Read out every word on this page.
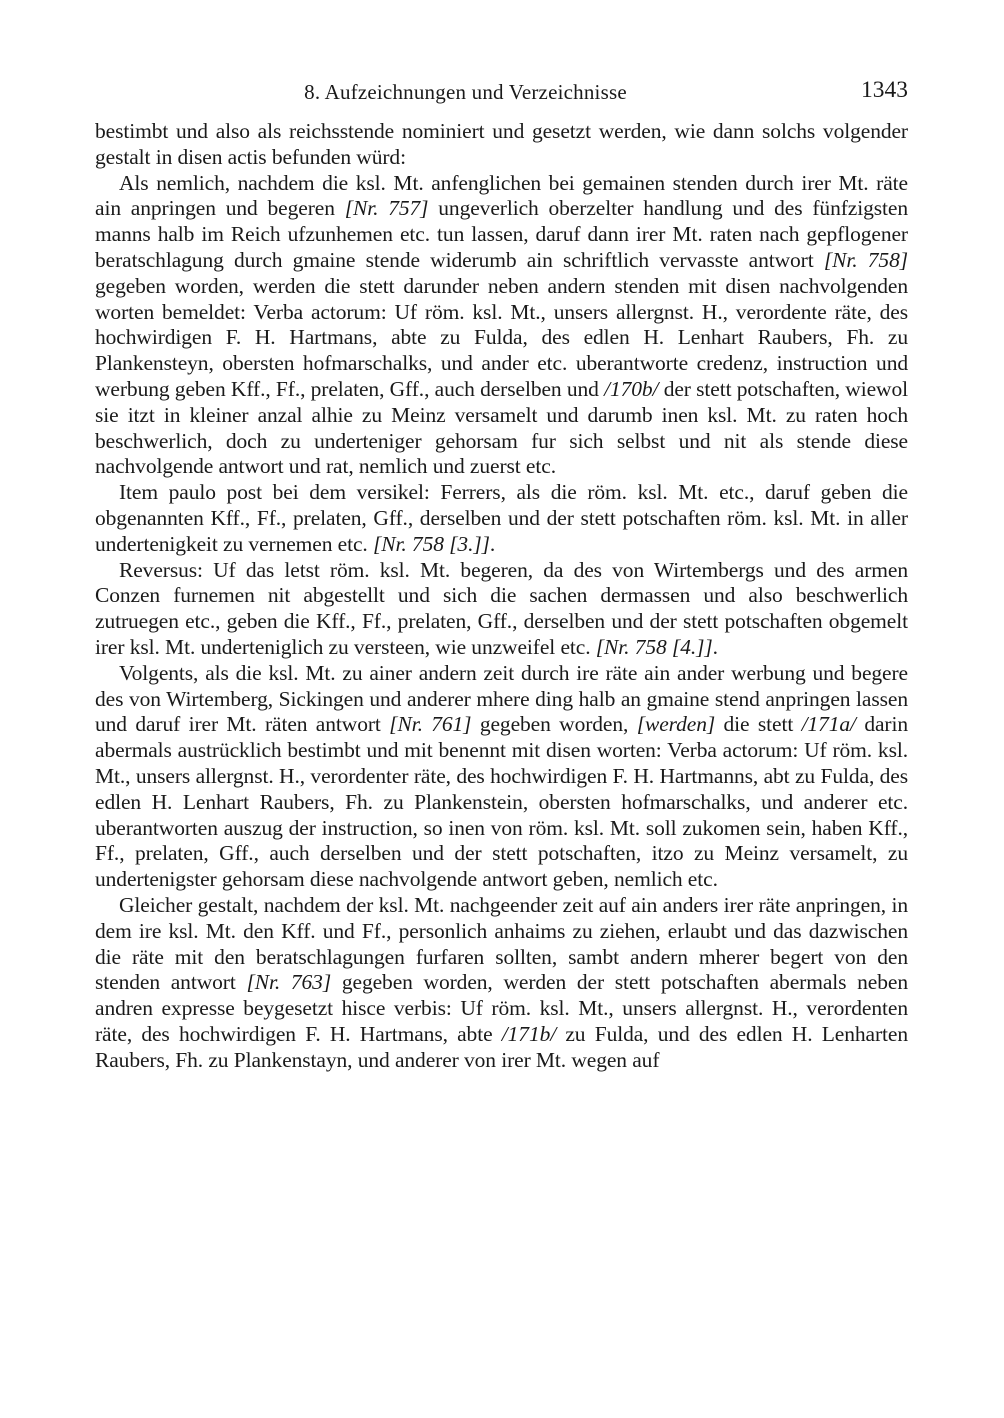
8. Aufzeichnungen und Verzeichnisse	1343

bestimbt und also als reichsstende nominiert und gesetzt werden, wie dann solchs volgender gestalt in disen actis befunden würd:

Als nemlich, nachdem die ksl. Mt. anfenglichen bei gemainen stenden durch irer Mt. räte ain anpringen und begeren [Nr. 757] ungeverlich oberzelter handlung und des fünfzigsten manns halb im Reich ufzunhemen etc. tun lassen, daruf dann irer Mt. raten nach gepflogener beratschlagung durch gmaine stende widerumb ain schriftlich vervasste antwort [Nr. 758] gegeben worden, werden die stett darunder neben andern stenden mit disen nachvolgenden worten bemeldet: Verba actorum: Uf röm. ksl. Mt., unsers allergnst. H., verordente räte, des hochwirdigen F. H. Hartmans, abte zu Fulda, des edlen H. Lenhart Raubers, Fh. zu Plankensteyn, obersten hofmarschalks, und ander etc. uberantworte credenz, instruction und werbung geben Kff., Ff., prelaten, Gff., auch derselben und /170b/ der stett potschaften, wiewol sie itzt in kleiner anzal alhie zu Meinz versamelt und darumb inen ksl. Mt. zu raten hoch beschwerlich, doch zu underteniger gehorsam fur sich selbst und nit als stende diese nachvolgende antwort und rat, nemlich und zuerst etc.

Item paulo post bei dem versikel: Ferrers, als die röm. ksl. Mt. etc., daruf geben die obgenannten Kff., Ff., prelaten, Gff., derselben und der stett potschaften röm. ksl. Mt. in aller undertenigkeit zu vernemen etc. [Nr. 758 [3.]].

Reversus: Uf das letst röm. ksl. Mt. begeren, da des von Wirtembergs und des armen Conzen furnemen nit abgestellt und sich die sachen dermassen und also beschwerlich zutruegen etc., geben die Kff., Ff., prelaten, Gff., derselben und der stett potschaften obgemelt irer ksl. Mt. underteniglich zu versteen, wie unzweifel etc. [Nr. 758 [4.]].

Volgents, als die ksl. Mt. zu ainer andern zeit durch ire räte ain ander werbung und begere des von Wirtemberg, Sickingen und anderer mhere ding halb an gmaine stend anpringen lassen und daruf irer Mt. räten antwort [Nr. 761] gegeben worden, [werden] die stett /171a/ darin abermals austrücklich bestimbt und mit benennt mit disen worten: Verba actorum: Uf röm. ksl. Mt., unsers allergnst. H., verordenter räte, des hochwirdigen F. H. Hartmanns, abt zu Fulda, des edlen H. Lenhart Raubers, Fh. zu Plankenstein, obersten hofmarschalks, und anderer etc. uberantworten auszug der instruction, so inen von röm. ksl. Mt. soll zukomen sein, haben Kff., Ff., prelaten, Gff., auch derselben und der stett potschaften, itzo zu Meinz versamelt, zu undertenigster gehorsam diese nachvolgende antwort geben, nemlich etc.

Gleicher gestalt, nachdem der ksl. Mt. nachgeender zeit auf ain anders irer räte anpringen, in dem ire ksl. Mt. den Kff. und Ff., personlich anhaims zu ziehen, erlaubt und das dazwischen die räte mit den beratschlagungen furfaren sollten, sambt andern mherer begert von den stenden antwort [Nr. 763] gegeben worden, werden der stett potschaften abermals neben andren expresse beygesetzt hisce verbis: Uf röm. ksl. Mt., unsers allergnst. H., verordenten räte, des hochwirdigen F. H. Hartmans, abte /171b/ zu Fulda, und des edlen H. Lenharten Raubers, Fh. zu Plankenstayn, und anderer von irer Mt. wegen auf
